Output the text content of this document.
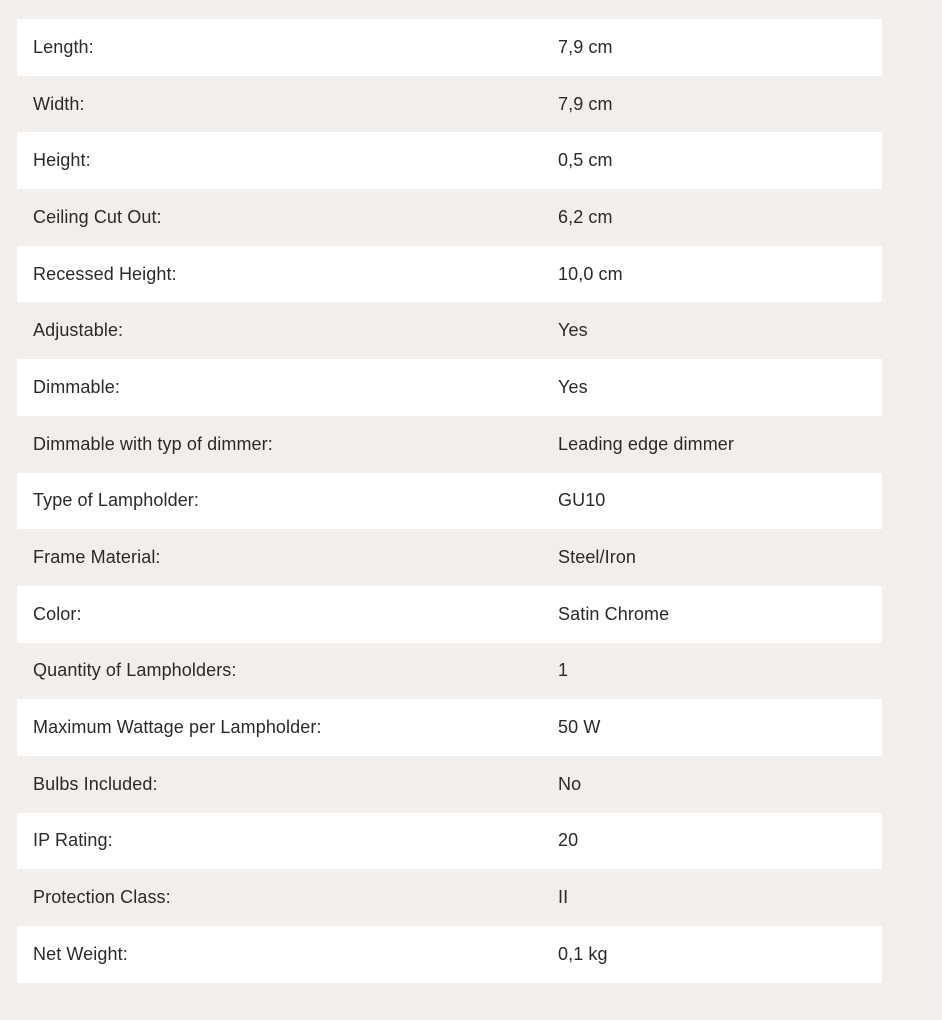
Length:	7,9 cm
Width:	7,9 cm
Height:	0,5 cm
Ceiling Cut Out:	6,2 cm
Recessed Height:	10,0 cm
Adjustable:	Yes
Dimmable:	Yes
Dimmable with typ of dimmer:	Leading edge dimmer
Type of Lampholder:	GU10
Frame Material:	Steel/Iron
Color:	Satin Chrome
Quantity of Lampholders:	1
Maximum Wattage per Lampholder:	50 W
Bulbs Included:	No
IP Rating:	20
Protection Class:	II
Net Weight:	0,1 kg
